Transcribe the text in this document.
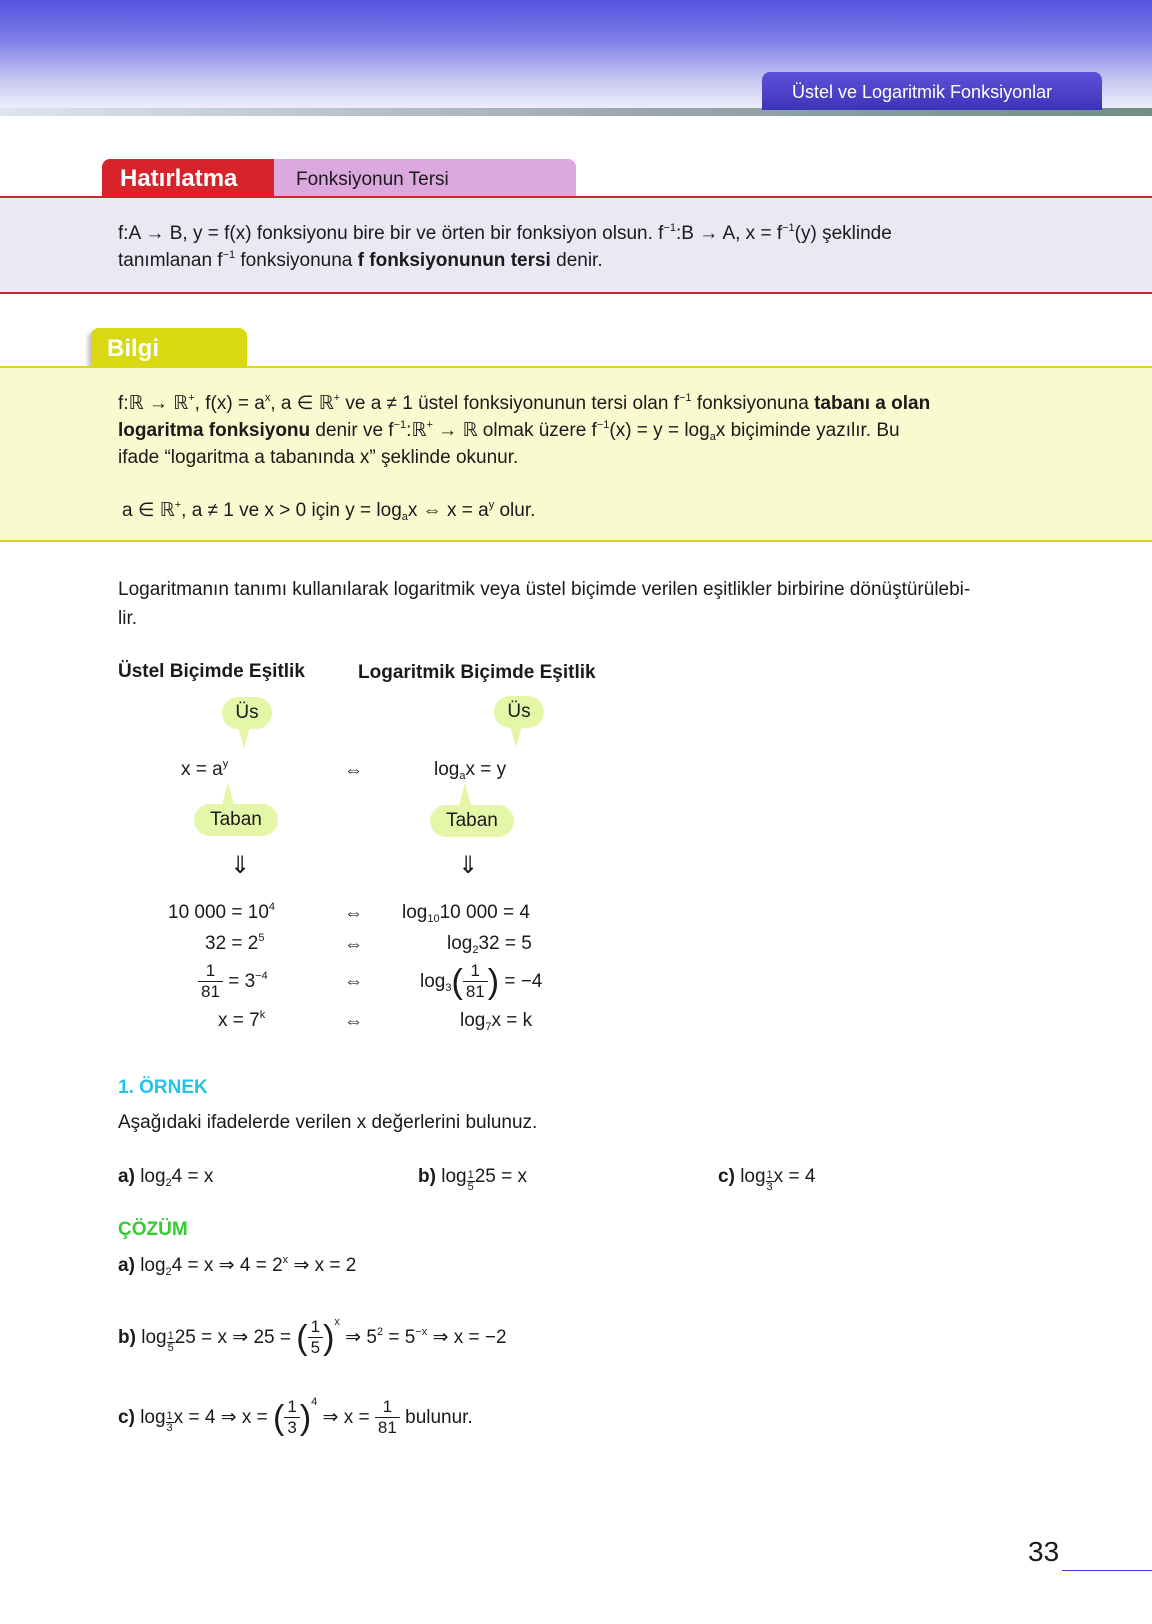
Üstel ve Logaritmik Fonksiyonlar
Fonksiyonun Tersi
Hatırlatma
f:A → B, y = f(x) fonksiyonu bire bir ve örten bir fonksiyon olsun. $f^{-1}:B \to A$, $x = f^{-1}(y)$ şeklinde
tanımlanan $f^{-1}$ fonksiyonuna f fonksiyonunun tersi denir.
Bilgi
f:ℝ → ℝ+, $f(x) = a^x$, a ∈ ℝ+ ve a ≠ 1 üstel fonksiyonunun tersi olan $f^{-1}$ fonksiyonuna tabanı a olan
logaritma fonksiyonu denir ve $f^{-1}:ℝ^+$ → ℝ olmak üzere $f^{-1}(x) = y = \log_ax$ biçiminde yazılır. Bu
ifade “logaritma a tabanında x” şeklinde okunur.
a ∈ ℝ+, a ≠ 1 ve x > 0 için $y = \log_ax$ ⇔ $x = a^y$ olur.
Logaritmanın tanımı kullanılarak logaritmik veya üstel biçimde verilen eşitlikler birbirine dönüştürülebi-
lir.
Üstel Biçimde Eşitlik	Logaritmik Biçimde Eşitlik
Üs	Üs
Taban	Taban
$x = a^y$	⇔	$\log_ax = y$
⇓	⇓
10 $000 = 10^4$	⇔ $\log_{10}10$ 000 = 4
$32 = 2^5$	⇔	$\log_232 = 5$
$\frac{1}{81} = 3^{-4}$	⇔	$\log_3( \frac{1}{81}$ ) = −4
$x = 7^k$	⇔	$\log_7x = k$
1. ÖRNEK
Aşağıdaki ifadelerde verilen x değerlerini bulunuz.
a) $\log_24 = x$	b) $\log \frac{1}{5} 25 = x$	c) $\log \frac{1}{3}$ x = 4
ÇÖZÜM
a) $\log_24 = x$ ⇒ $4 = 2^x$ ⇒ x = 2
b) $\log \frac{1}{5} 25 = x$ ⇒ 25 = ( $\frac{1}{5} )^x$ ⇒ $5^2 = 5^{-x}$ ⇒ x = −2
c) $\log \frac{1}{3}$ x = 4 ⇒ x = ( $\frac{1}{3} )^4$ ⇒ $x = \frac{1}{81}$ bulunur.
33
